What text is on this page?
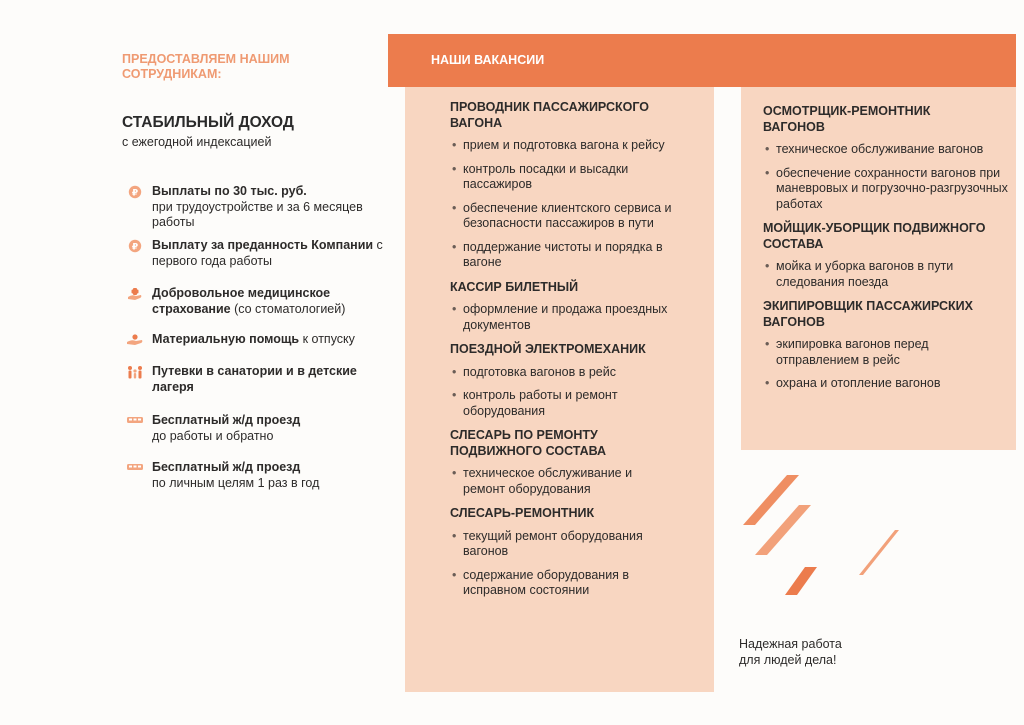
ПРЕДОСТАВЛЯЕМ НАШИМ СОТРУДНИКАМ:
СТАБИЛЬНЫЙ ДОХОД
с ежегодной индексацией
₽ Выплаты по 30 тыс. руб.
при трудоустройстве и за 6 месяцев работы
₽ Выплату за преданность Компании с первого года работы
Добровольное медицинское страхование (со стоматологией)
Материальную помощь к отпуску
Путевки в санатории и в детские лагеря
Бесплатный ж/д проезд
до работы и обратно
Бесплатный ж/д проезд
по личным целям 1 раз в год
НАШИ ВАКАНСИИ
ПРОВОДНИК ПАССАЖИРСКОГО ВАГОНА
• прием и подготовка вагона к рейсу
• контроль посадки и высадки пассажиров
• обеспечение клиентского сервиса и безопасности пассажиров в пути
• поддержание чистоты и порядка в вагоне
КАССИР БИЛЕТНЫЙ
• оформление и продажа проездных документов
ПОЕЗДНОЙ ЭЛЕКТРОМЕХАНИК
• подготовка вагонов в рейс
• контроль работы и ремонт оборудования
СЛЕСАРЬ ПО РЕМОНТУ ПОДВИЖНОГО СОСТАВА
• техническое обслуживание и ремонт оборудования
СЛЕСАРЬ-РЕМОНТНИК
• текущий ремонт оборудования вагонов
• содержание оборудования в исправном состоянии
ОСМОТРЩИК-РЕМОНТНИК ВАГОНОВ
• техническое обслуживание вагонов
• обеспечение сохранности вагонов при маневровых и погрузочно-разгрузочных работах
МОЙЩИК-УБОРЩИК ПОДВИЖНОГО СОСТАВА
• мойка и уборка вагонов в пути следования поезда
ЭКИПИРОВЩИК ПАССАЖИРСКИХ ВАГОНОВ
• экипировка вагонов перед отправлением в рейс
• охрана и отопление вагонов
Надежная работа
для людей дела!
